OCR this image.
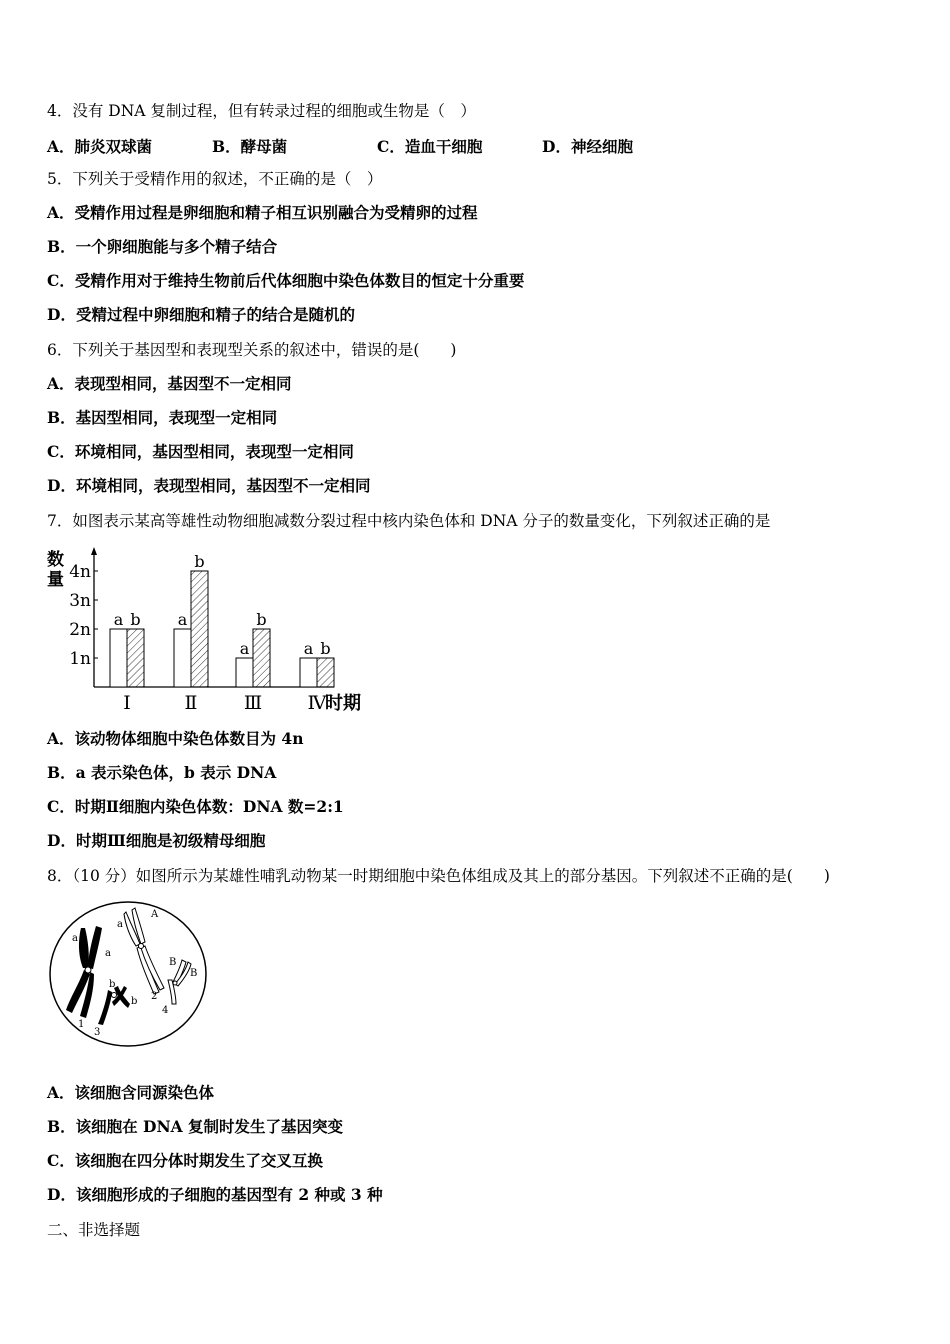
4．没有 DNA 复制过程，但有转录过程的细胞或生物是（　）
A．肺炎双球菌	B．酵母菌	C．造血干细胞	D．神经细胞
5．下列关于受精作用的叙述，不正确的是（　）
A．受精作用过程是卵细胞和精子相互识别融合为受精卵的过程
B．一个卵细胞能与多个精子结合
C．受精作用对于维持生物前后代体细胞中染色体数目的恒定十分重要
D．受精过程中卵细胞和精子的结合是随机的
6．下列关于基因型和表现型关系的叙述中，错误的是(　　)
A．表现型相同，基因型不一定相同
B．基因型相同，表现型一定相同
C．环境相同，基因型相同，表现型一定相同
D．环境相同，表现型相同，基因型不一定相同
7．如图表示某高等雄性动物细胞减数分裂过程中核内染色体和 DNA 分子的数量变化，下列叙述正确的是
数量
1n
2n
3n
4n
a b
Ⅰ
a
b
Ⅱ
a
b
Ⅲ
a b
Ⅳ
时期
A．该动物体细胞中染色体数目为 4n
B．a 表示染色体，b 表示 DNA
C．时期Ⅱ细胞内染色体数：DNA 数=2:1
D．时期Ⅲ细胞是初级精母细胞
8．（10 分）如图所示为某雄性哺乳动物某一时期细胞中染色体组成及其上的部分基因。下列叙述不正确的是(　　)
a
a
A
a
b
b
B
B
1
2
3
4
A．该细胞含同源染色体
B．该细胞在 DNA 复制时发生了基因突变
C．该细胞在四分体时期发生了交叉互换
D．该细胞形成的子细胞的基因型有 2 种或 3 种
二、非选择题
